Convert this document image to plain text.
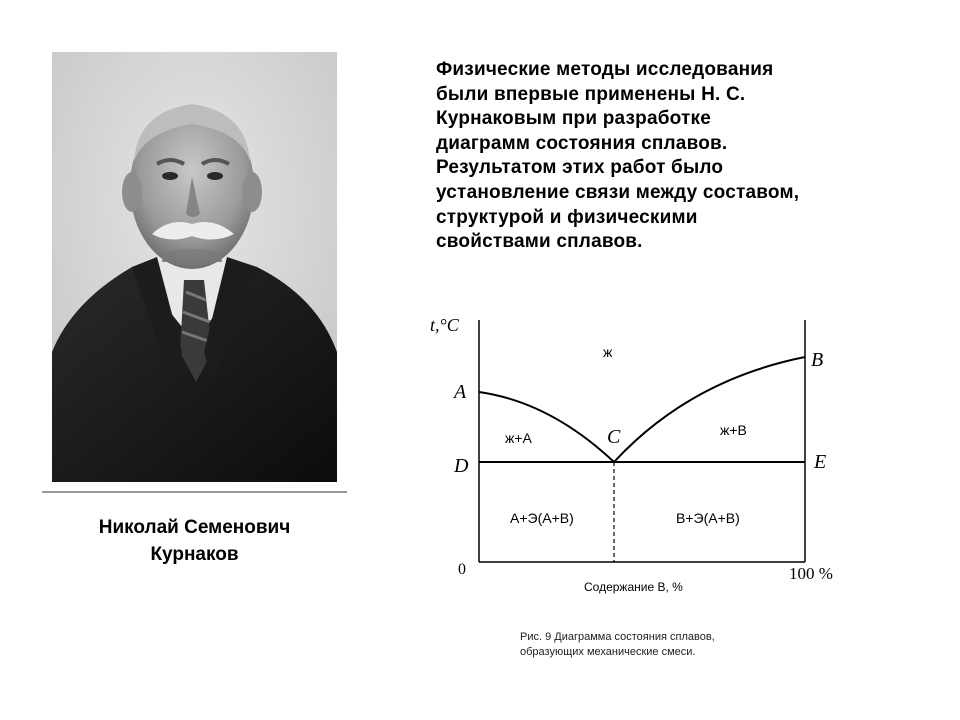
Николай Семенович
Курнаков
Физические методы исследования
были впервые применены Н. С.
Курнаковым при разработке
диаграмм состояния сплавов.
Результатом этих работ было
установление связи между составом,
структурой и физическими
свойствами сплавов.
t,°С
A
B
C
D	E
0	100 %
ж
ж+А	ж+В
А+Э(А+В)	В+Э(А+В)
Содержание В, %
Рис. 9 Диаграмма состояния сплавов,
образующих механические смеси.
